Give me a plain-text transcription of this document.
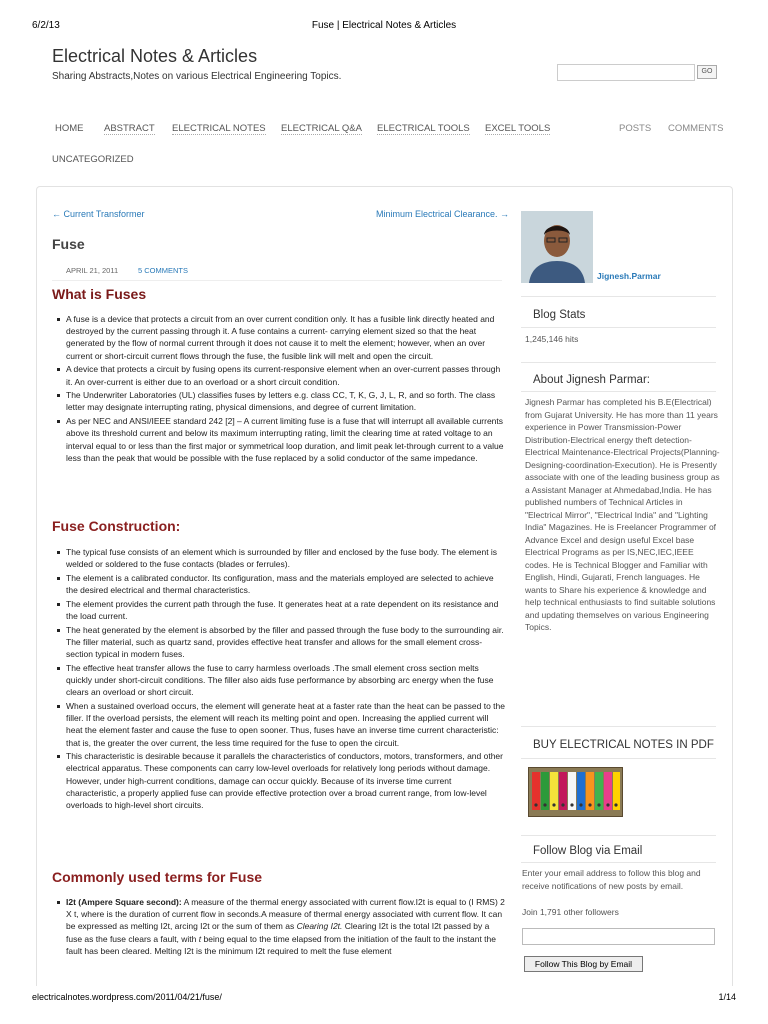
6/2/13	Fuse | Electrical Notes & Articles
Electrical Notes & Articles
Sharing Abstracts,Notes on various Electrical Engineering Topics.	GO
HOME ABSTRACT ELECTRICAL NOTES ELECTRICAL Q&A ELECTRICAL TOOLS EXCEL TOOLS	POSTS COMMENTS
UNCATEGORIZED
← Current Transformer	Minimum Electrical Clearance. →
Fuse
APRIL 21, 2011	5 COMMENTS
What is Fuses
A fuse is a device that protects a circuit from an over current condition only. It has a fusible link directly heated and destroyed by the current passing through it. A fuse contains a current- carrying element sized so that the heat generated by the flow of normal current through it does not cause it to melt the element; however, when an over current or short-circuit current flows through the fuse, the fusible link will melt and open the circuit.
A device that protects a circuit by fusing opens its current-responsive element when an over-current passes through it. An over-current is either due to an overload or a short circuit condition.
The Underwriter Laboratories (UL) classifies fuses by letters e.g. class CC, T, K, G, J, L, R, and so forth. The class letter may designate interrupting rating, physical dimensions, and degree of current limitation.
As per NEC and ANSI/IEEE standard 242 [2] – A current limiting fuse is a fuse that will interrupt all available currents above its threshold current and below its maximum interrupting rating, limit the clearing time at rated voltage to an interval equal to or less than the first major or symmetrical loop duration, and limit peak let-through current to a value less than the peak that would be possible with the fuse replaced by a solid conductor of the same impedance.
Fuse Construction:
The typical fuse consists of an element which is surrounded by filler and enclosed by the fuse body. The element is welded or soldered to the fuse contacts (blades or ferrules).
The element is a calibrated conductor. Its configuration, mass and the materials employed are selected to achieve the desired electrical and thermal characteristics.
The element provides the current path through the fuse. It generates heat at a rate dependent on its resistance and the load current.
The heat generated by the element is absorbed by the filler and passed through the fuse body to the surrounding air. The filler material, such as quartz sand, provides effective heat transfer and allows for the small element cross-section typical in modern fuses.
The effective heat transfer allows the fuse to carry harmless overloads .The small element cross section melts quickly under short-circuit conditions. The filler also aids fuse performance by absorbing arc energy when the fuse clears an overload or short circuit.
When a sustained overload occurs, the element will generate heat at a faster rate than the heat can be passed to the filler. If the overload persists, the element will reach its melting point and open. Increasing the applied current will heat the element faster and cause the fuse to open sooner. Thus, fuses have an inverse time current characteristic: that is, the greater the over current, the less time required for the fuse to open the circuit.
This characteristic is desirable because it parallels the characteristics of conductors, motors, transformers, and other electrical apparatus. These components can carry low-level overloads for relatively long periods without damage. However, under high-current conditions, damage can occur quickly. Because of its inverse time current characteristic, a properly applied fuse can provide effective protection over a broad current range, from low-level overloads to high-level short circuits.
Commonly used terms for Fuse
I2t (Ampere Square second): A measure of the thermal energy associated with current flow.I2t is equal to (I RMS) 2 X t, where is the duration of current flow in seconds.A measure of thermal energy associated with current flow. It can be expressed as melting I2t, arcing I2t or the sum of them as Clearing I2t. Clearing I2t is the total I2t passed by a fuse as the fuse clears a fault, with t being equal to the time elapsed from the initiation of the fault to the instant the fault has been cleared. Melting I2t is the minimum I2t required to melt the fuse element
Jignesh.Parmar
Blog Stats
1,245,146 hits
About Jignesh Parmar:
Jignesh Parmar has completed his B.E(Electrical) from Gujarat University. He has more than 11 years experience in Power Transmission-Power Distribution-Electrical energy theft detection-Electrical Maintenance-Electrical Projects(Planning-Designing-coordination-Execution). He is Presently associate with one of the leading business group as a Assistant Manager at Ahmedabad,India. He has published numbers of Technical Articles in "Electrical Mirror", "Electrical India" and "Lighting India" Magazines. He is Freelancer Programmer of Advance Excel and design useful Excel base Electrical Programs as per IS,NEC,IEC,IEEE codes. He is Technical Blogger and Familiar with English, Hindi, Gujarati, French languages. He wants to Share his experience & knowledge and help technical enthusiasts to find suitable solutions and updating themselves on various Engineering Topics.
BUY ELECTRICAL NOTES IN PDF
Follow Blog via Email
Enter your email address to follow this blog and receive notifications of new posts by email.
Join 1,791 other followers
Follow This Blog by Email
electricalnotes.wordpress.com/2011/04/21/fuse/	1/14
